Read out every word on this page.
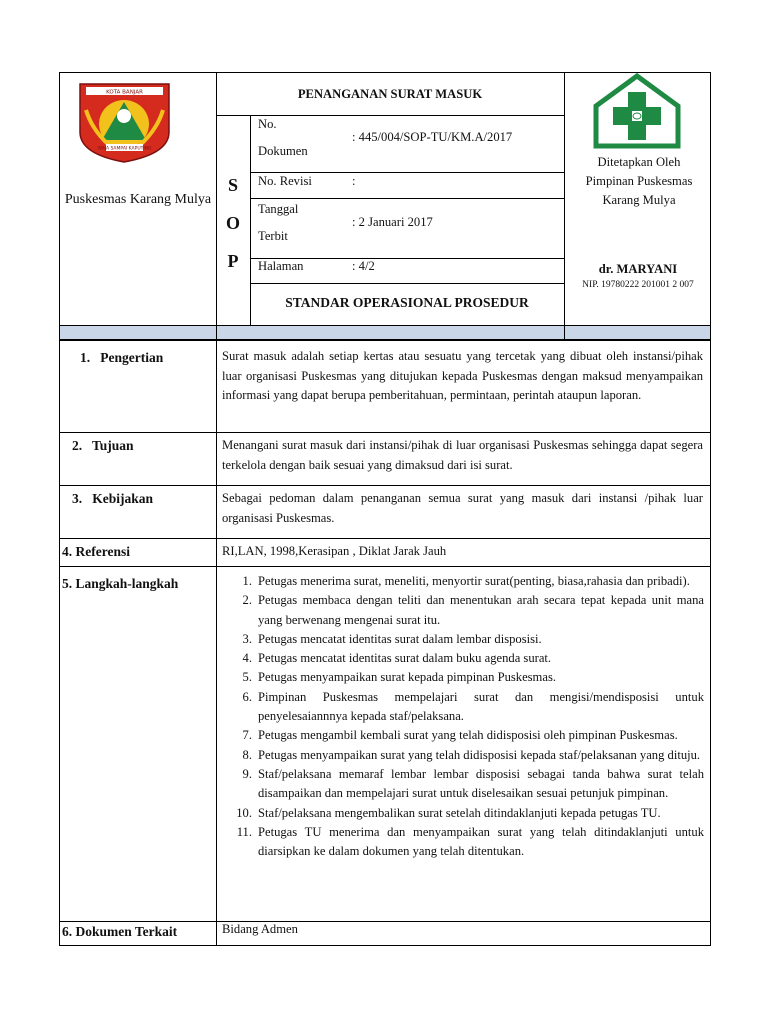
KOTA BANJAR
WAJA SAMPAI KAPUTING
Puskesmas Karang Mulya
PENANGANAN SURAT MASUK
S
O
P
No.
Dokumen
: 445/004/SOP-TU/KM.A/2017
No. Revisi	:
Tanggal
Terbit
: 2 Januari 2017
Halaman	: 4/2
STANDAR OPERASIONAL PROSEDUR
Ditetapkan Oleh Pimpinan Puskesmas Karang Mulya
dr. MARYANI
NIP. 19780222 201001 2 007
1.   Pengertian	Surat masuk adalah setiap kertas atau sesuatu yang tercetak yang dibuat oleh instansi/pihak luar organisasi Puskesmas yang ditujukan kepada Puskesmas dengan maksud menyampaikan informasi yang dapat berupa pemberitahuan, permintaan, perintah ataupun laporan.
2.   Tujuan	Menangani surat masuk dari instansi/pihak di luar organisasi Puskesmas sehingga dapat segera terkelola dengan baik sesuai yang dimaksud dari isi surat.
3.   Kebijakan	Sebagai pedoman dalam penanganan semua surat yang masuk dari instansi /pihak luar organisasi Puskesmas.
4. Referensi	RI,LAN, 1998,Kerasipan , Diklat Jarak Jauh
5. Langkah-langkah	1. Petugas menerima surat, meneliti, menyortir surat(penting, biasa,rahasia dan pribadi).
2. Petugas membaca dengan teliti dan menentukan arah secara tepat kepada unit mana yang berwenang mengenai surat itu.
3. Petugas mencatat identitas surat dalam lembar disposisi.
4. Petugas mencatat identitas surat dalam buku agenda surat.
5. Petugas menyampaikan surat kepada pimpinan Puskesmas.
6. Pimpinan Puskesmas mempelajari surat dan mengisi/mendisposisi untuk penyelesaiannnya kepada staf/pelaksana.
7. Petugas mengambil kembali surat yang telah didisposisi oleh pimpinan Puskesmas.
8. Petugas menyampaikan surat yang telah didisposisi kepada staf/pelaksanan yang dituju.
9. Staf/pelaksana memaraf lembar lembar disposisi sebagai tanda bahwa surat telah disampaikan dan mempelajari surat untuk diselesaikan sesuai petunjuk pimpinan.
10. Staf/pelaksana mengembalikan surat setelah ditindaklanjuti kepada petugas TU.
11. Petugas TU menerima dan menyampaikan surat yang telah ditindaklanjuti untuk diarsipkan ke dalam dokumen yang telah ditentukan.
6. Dokumen Terkait	Bidang Admen
